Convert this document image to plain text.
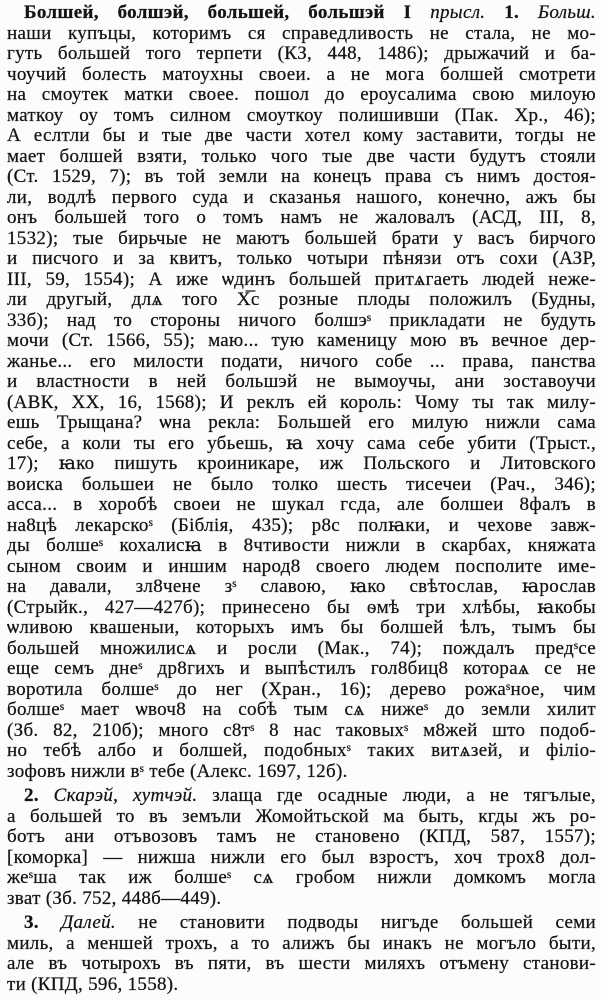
Болшей, болшэй, большей, большэй I прысл. 1. Больш.
наши купъцы, которимъ ся справедливость не стала, не мо-
гуть большей того терпети (КЗ, 448, 1486); дрыжачий и ба-
чоучий болесть матоухны своеи. а не мога болшей смотрети
на смоутек матки своее. пошол до ероусалима свою милоую
маткоу оу томъ силном смоуткоу полишивши (Пак. Хр., 46);
А еслтли бы и тые две части хотел кому заставити, тогды не
мает болшей взяти, только чого тые две части будутъ стояли
(Ст. 1529, 7); въ той земли на конецъ права съ нимъ достоя-
ли, водлѣ первого суда и сказанья нашого, конечно, ажъ бы
онъ большей того о томъ намъ не жаловалъ (АСД, III, 8,
1532); тые бирьчые не маютъ большей брати у васъ бирчого
и писчого и за квитъ, только чотыри пѣнязи отъ сохи (АЗР,
III, 59, 1554); А иже ѡдинъ большей притѧгаеть людей неже-
ли другый, длѧ того Х̅с розные плоды положилъ (Будны,
33б); над то стороны ничого болшэˢ прикладати не будуть
мочи (Ст. 1566, 55); маю... тую каменицу мою въ вечное дер-
жанье... его милости подати, ничого собе ... права, панства
и властности в ней большэй не вымоучы, ани зоставоучи
(АВК, XX, 16, 1568); И реклъ ей король: Чому ты так милу-
ешь Трыщана? ѡна рекла: Большей его милую нижли сама
себе, а коли ты его убьешь, ꙗ хочу сама себе убити (Трыст.,
17); ꙗко пишуть кроиникаре, иж Польского и Литовского
воиска большеи не было толко шесть тисечеи (Рач., 346);
асса... в хоробѣ своеи не шукал гсда, але болшеи 8фалъ в
на8цѣ лекарскоˢ (Біблія, 435); р8с полꙗки, и чехове завж-
ды болшеˢ кохалисꙗ в 8чтивости нижли в скарбах, княжата
сыном своим и иншим народ8 своего людем посполите име-
на давали, зл8чене зˢ славою, ꙗко свѣтослав, ꙗрослав
(Стрыйк., 427—427б); принесено бы ѳмѣ три хлѣбы, ꙗкобы
ѡливою квашеныи, которыхъ имъ бы болшей ѣлъ, тымъ бы
большей множилисѧ и росли (Мак., 74); пождалъ предˢсе
еще семъ днеˢ др8гихъ и выпѣстилъ гол8биц8 котораѧ се не
воротила болшеˢ до нег (Хран., 16); дерево рожаˢное, чим
болшеˢ мает ѡвоч8 на собѣ тым сѧ нижеˢ до земли хилит
(Зб. 82, 210б); много с8тˢ 8 нас таковыхˢ м8жей што подоб-
но тебѣ албо и болшей, подобныхˢ таких витѧзей, и філіо-
зофовъ нижли вˢ тебе (Алекс. 1697, 12б).
2. Скарэй, хутчэй. злаща где осадные люди, а не тягълые,
а большей то въ земъли Жомойтьской ма быть, кгды жъ ро-
ботъ ани отъвозовъ тамъ не становено (КПД, 587, 1557);
[коморка] — нижша нижли его был взростъ, хоч трох8 дол-
жеˢша так иж болшеˢ сѧ гробом нижли домкомъ могла
зват (Зб. 752, 448б—449).
3. Далей. не становити подводы нигъде большей семи
миль, а меншей трохъ, а то алижъ бы инакъ не могъло быти,
але въ чотырохъ въ пяти, въ шести миляхъ отъмену станови-
ти (КПД, 596, 1558).
